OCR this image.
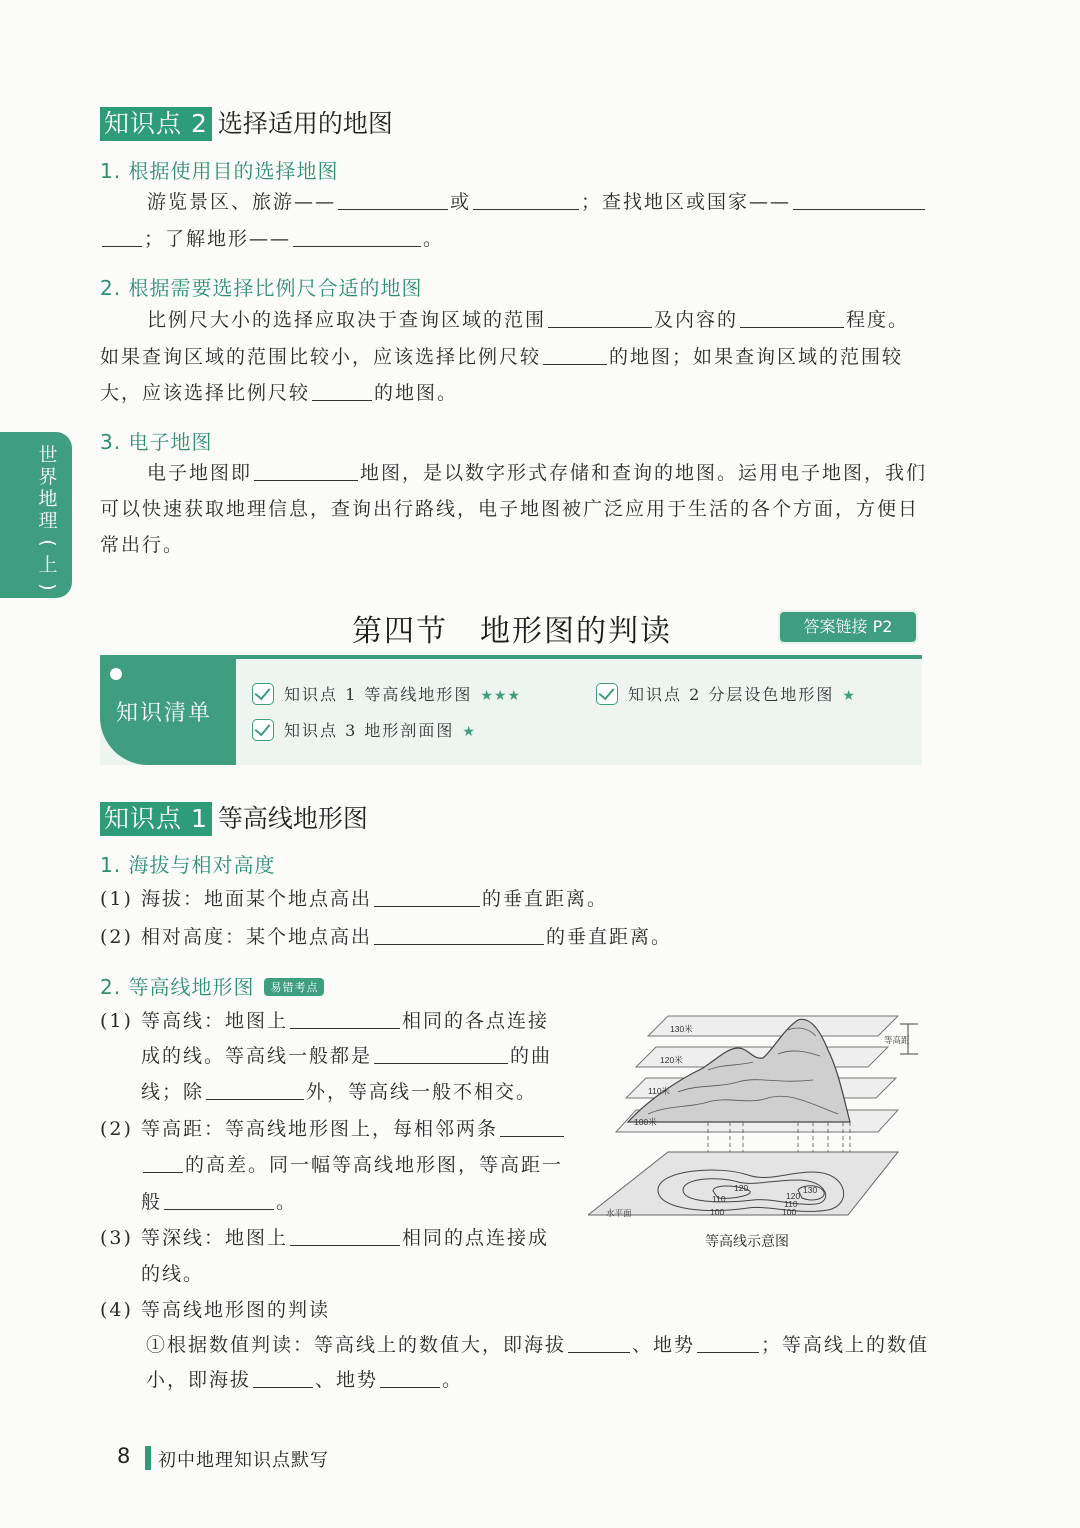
世
界
地
理
(
上
)
知识点 2 选择适用的地图
1. 根据使用目的选择地图
游览景区、旅游——	或	；查找地区或国家——
；了解地形——	。
2. 根据需要选择比例尺合适的地图
比例尺大小的选择应取决于查询区域的范围	及内容的	程度。
如果查询区域的范围比较小，应该选择比例尺较	的地图；如果查询区域的范围较
大，应该选择比例尺较	的地图。
3. 电子地图
电子地图即	地图，是以数字形式存储和查询的地图。运用电子地图，我们
可以快速获取地理信息，查询出行路线，电子地图被广泛应用于生活的各个方面，方便日
常出行。
第四节　地形图的判读	答案链接 P2
知识清单
知识点 1 等高线地形图 ★★★	知识点 2 分层设色地形图 ★
知识点 3 地形剖面图 ★
知识点 1 等高线地形图
1. 海拔与相对高度
(1) 海拔：地面某个地点高出	的垂直距离。
(2) 相对高度：某个地点高出	的垂直距离。
2. 等高线地形图 易错考点
(1) 等高线：地图上	相同的各点连接
成的线。等高线一般都是	的曲
线；除	外，等高线一般不相交。
(2) 等高距：等高线地形图上，每相邻两条
的高差。同一幅等高线地形图，等高距一
般	。
(3) 等深线：地图上	相同的点连接成
的线。
(4) 等高线地形图的判读
①根据数值判读：等高线上的数值大，即海拔	、地势	；等高线上的数值
小，即海拔	、地势	。
130米
120米
110米
100米
等高距
水平面
120
110
100
130
120
110
100
等高线示意图
8 初中地理知识点默写
